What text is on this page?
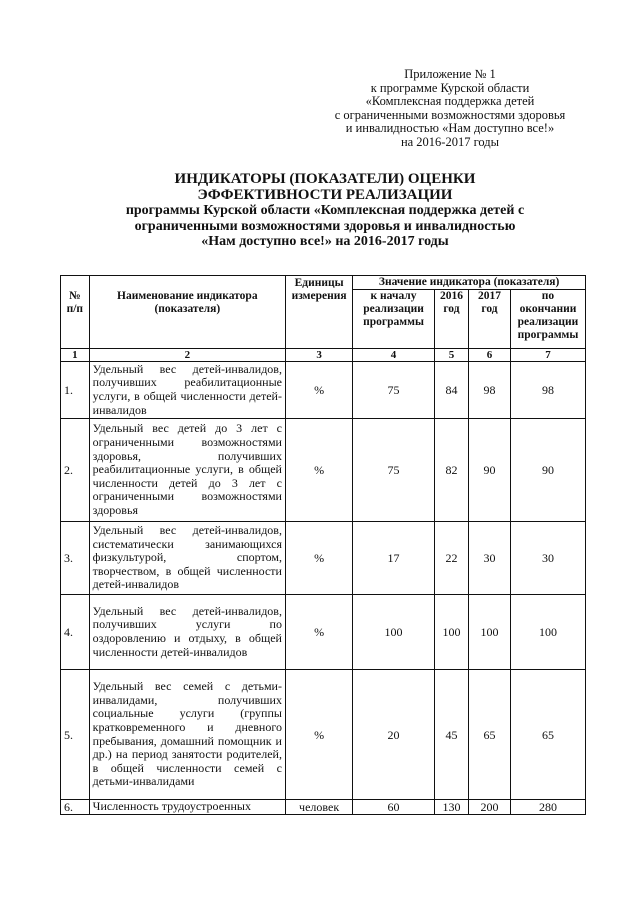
Приложение № 1
к программе Курской области
«Комплексная поддержка детей
с ограниченными возможностями здоровья
и инвалидностью «Нам доступно все!»
на 2016-2017 годы
ИНДИКАТОРЫ (ПОКАЗАТЕЛИ) ОЦЕНКИ
ЭФФЕКТИВНОСТИ РЕАЛИЗАЦИИ
программы Курской области «Комплексная поддержка детей с
ограниченными возможностями здоровья и инвалидностью
«Нам доступно все!» на 2016-2017 годы
№ п/п	Наименование индикатора (показателя)	Единицы измерения	Значение индикатора (показателя)			
			к началу реализации программы	2016 год	2017 год	по окончании реализации программы
1	2	3	4	5	6	7
1.	Удельный вес детей-инвалидов, получивших реабилитационные услуги, в общей численности детей-инвалидов	%	75	84	98	98
2.	Удельный вес детей до 3 лет с ограниченными возможностями здоровья, получивших реабилитационные услуги, в общей численности детей до 3 лет с ограниченными возможностями здоровья	%	75	82	90	90
3.	Удельный вес детей-инвалидов, систематически занимающихся физкультурой, спортом, творчеством, в общей численности детей-инвалидов	%	17	22	30	30
4.	Удельный вес детей-инвалидов, получивших услуги по оздоровлению и отдыху, в общей численности детей-инвалидов	%	100	100	100	100
5.	Удельный вес семей с детьми-инвалидами, получивших социальные услуги (группы кратковременного и дневного пребывания, домашний помощник и др.) на период занятости родителей, в общей численности семей с детьми-инвалидами	%	20	45	65	65
6.	Численность трудоустроенных	человек	60	130	200	280
